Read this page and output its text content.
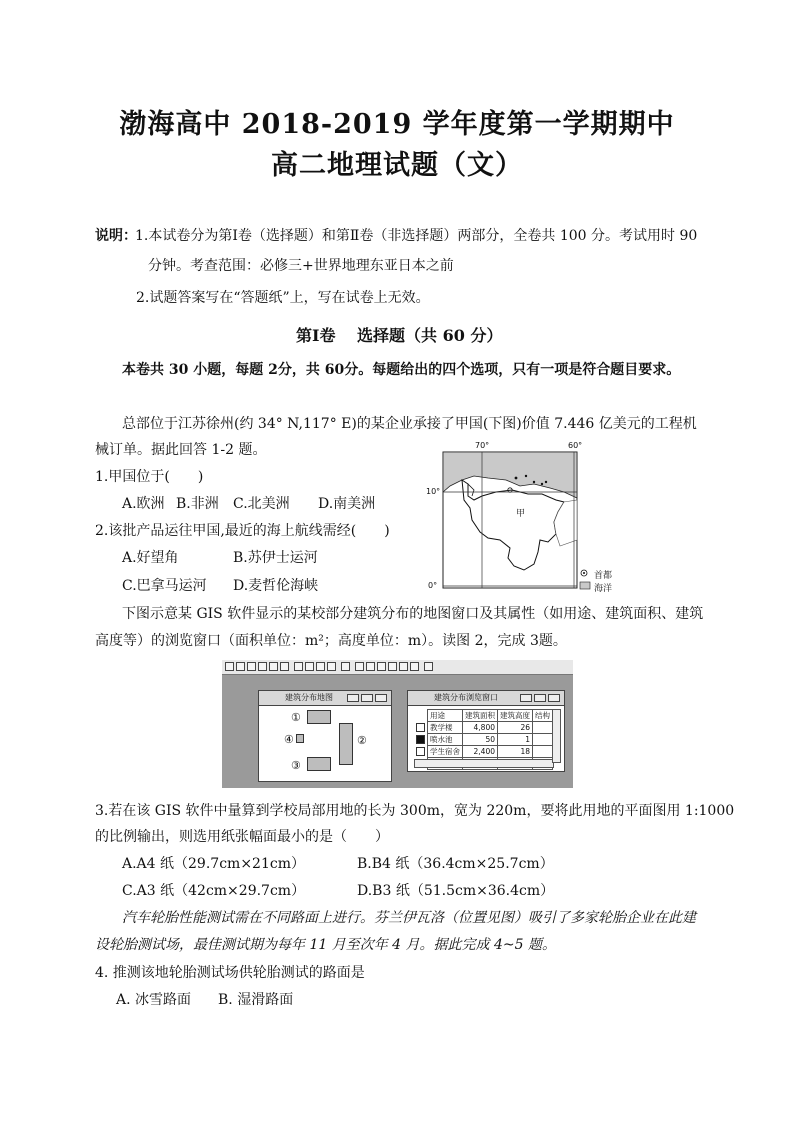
渤海高中 2018-2019 学年度第一学期期中
高二地理试题（文）
说明：
1.本试卷分为第Ⅰ卷（选择题）和第Ⅱ卷（非选择题）两部分，全卷共 100 分。考试用时 90
分钟。考查范围：必修三+世界地理东亚日本之前
2.试题答案写在“答题纸”上，写在试卷上无效。
第Ⅰ卷　 选择题（共 60 分）
本卷共 30 小题，每题 2分，共 60分。每题给出的四个选项，只有一项是符合题目要求。
总部位于江苏徐州(约 34° N,117° E)的某企业承接了甲国(下图)价值 7.446 亿美元的工程机
械订单。据此回答 1-2 题。
1.甲国位于(　　)
A.欧洲 B.非洲 C.北美洲 D.南美洲
2.该批产品运往甲国,最近的海上航线需经(　　)
A.好望角	B.苏伊士运河
C.巴拿马运河 D.麦哲伦海峡
70°	60°
10°
0°
甲
首都
海洋
下图示意某 GIS 软件显示的某校部分建筑分布的地图窗口及其属性（如用途、建筑面积、建筑
高度等）的浏览窗口（面积单位：m²；高度单位：m）。读图 2，完成 3题。
建筑分布地图
①
②
④
③
建筑分布浏览窗口
	用途	建筑面积	建筑高度	结构
	教学楼	4,800	26	
	喷水池	50	1	
	学生宿舍	2,400	18	

3.若在该 GIS 软件中量算到学校局部用地的长为 300m，宽为 220m，要将此用地的平面图用 1:1000
的比例输出，则选用纸张幅面最小的是（　　）
A.A4 纸（29.7cm×21cm）	B.B4 纸（36.4cm×25.7cm）
C.A3 纸（42cm×29.7cm）	D.B3 纸（51.5cm×36.4cm）
汽车轮胎性能测试需在不同路面上进行。芬兰伊瓦洛（位置见图）吸引了多家轮胎企业在此建
设轮胎测试场，最佳测试期为每年 11 月至次年 4 月。据此完成 4~5 题。
4. 推测该地轮胎测试场供轮胎测试的路面是
A. 冰雪路面 B. 湿滑路面
